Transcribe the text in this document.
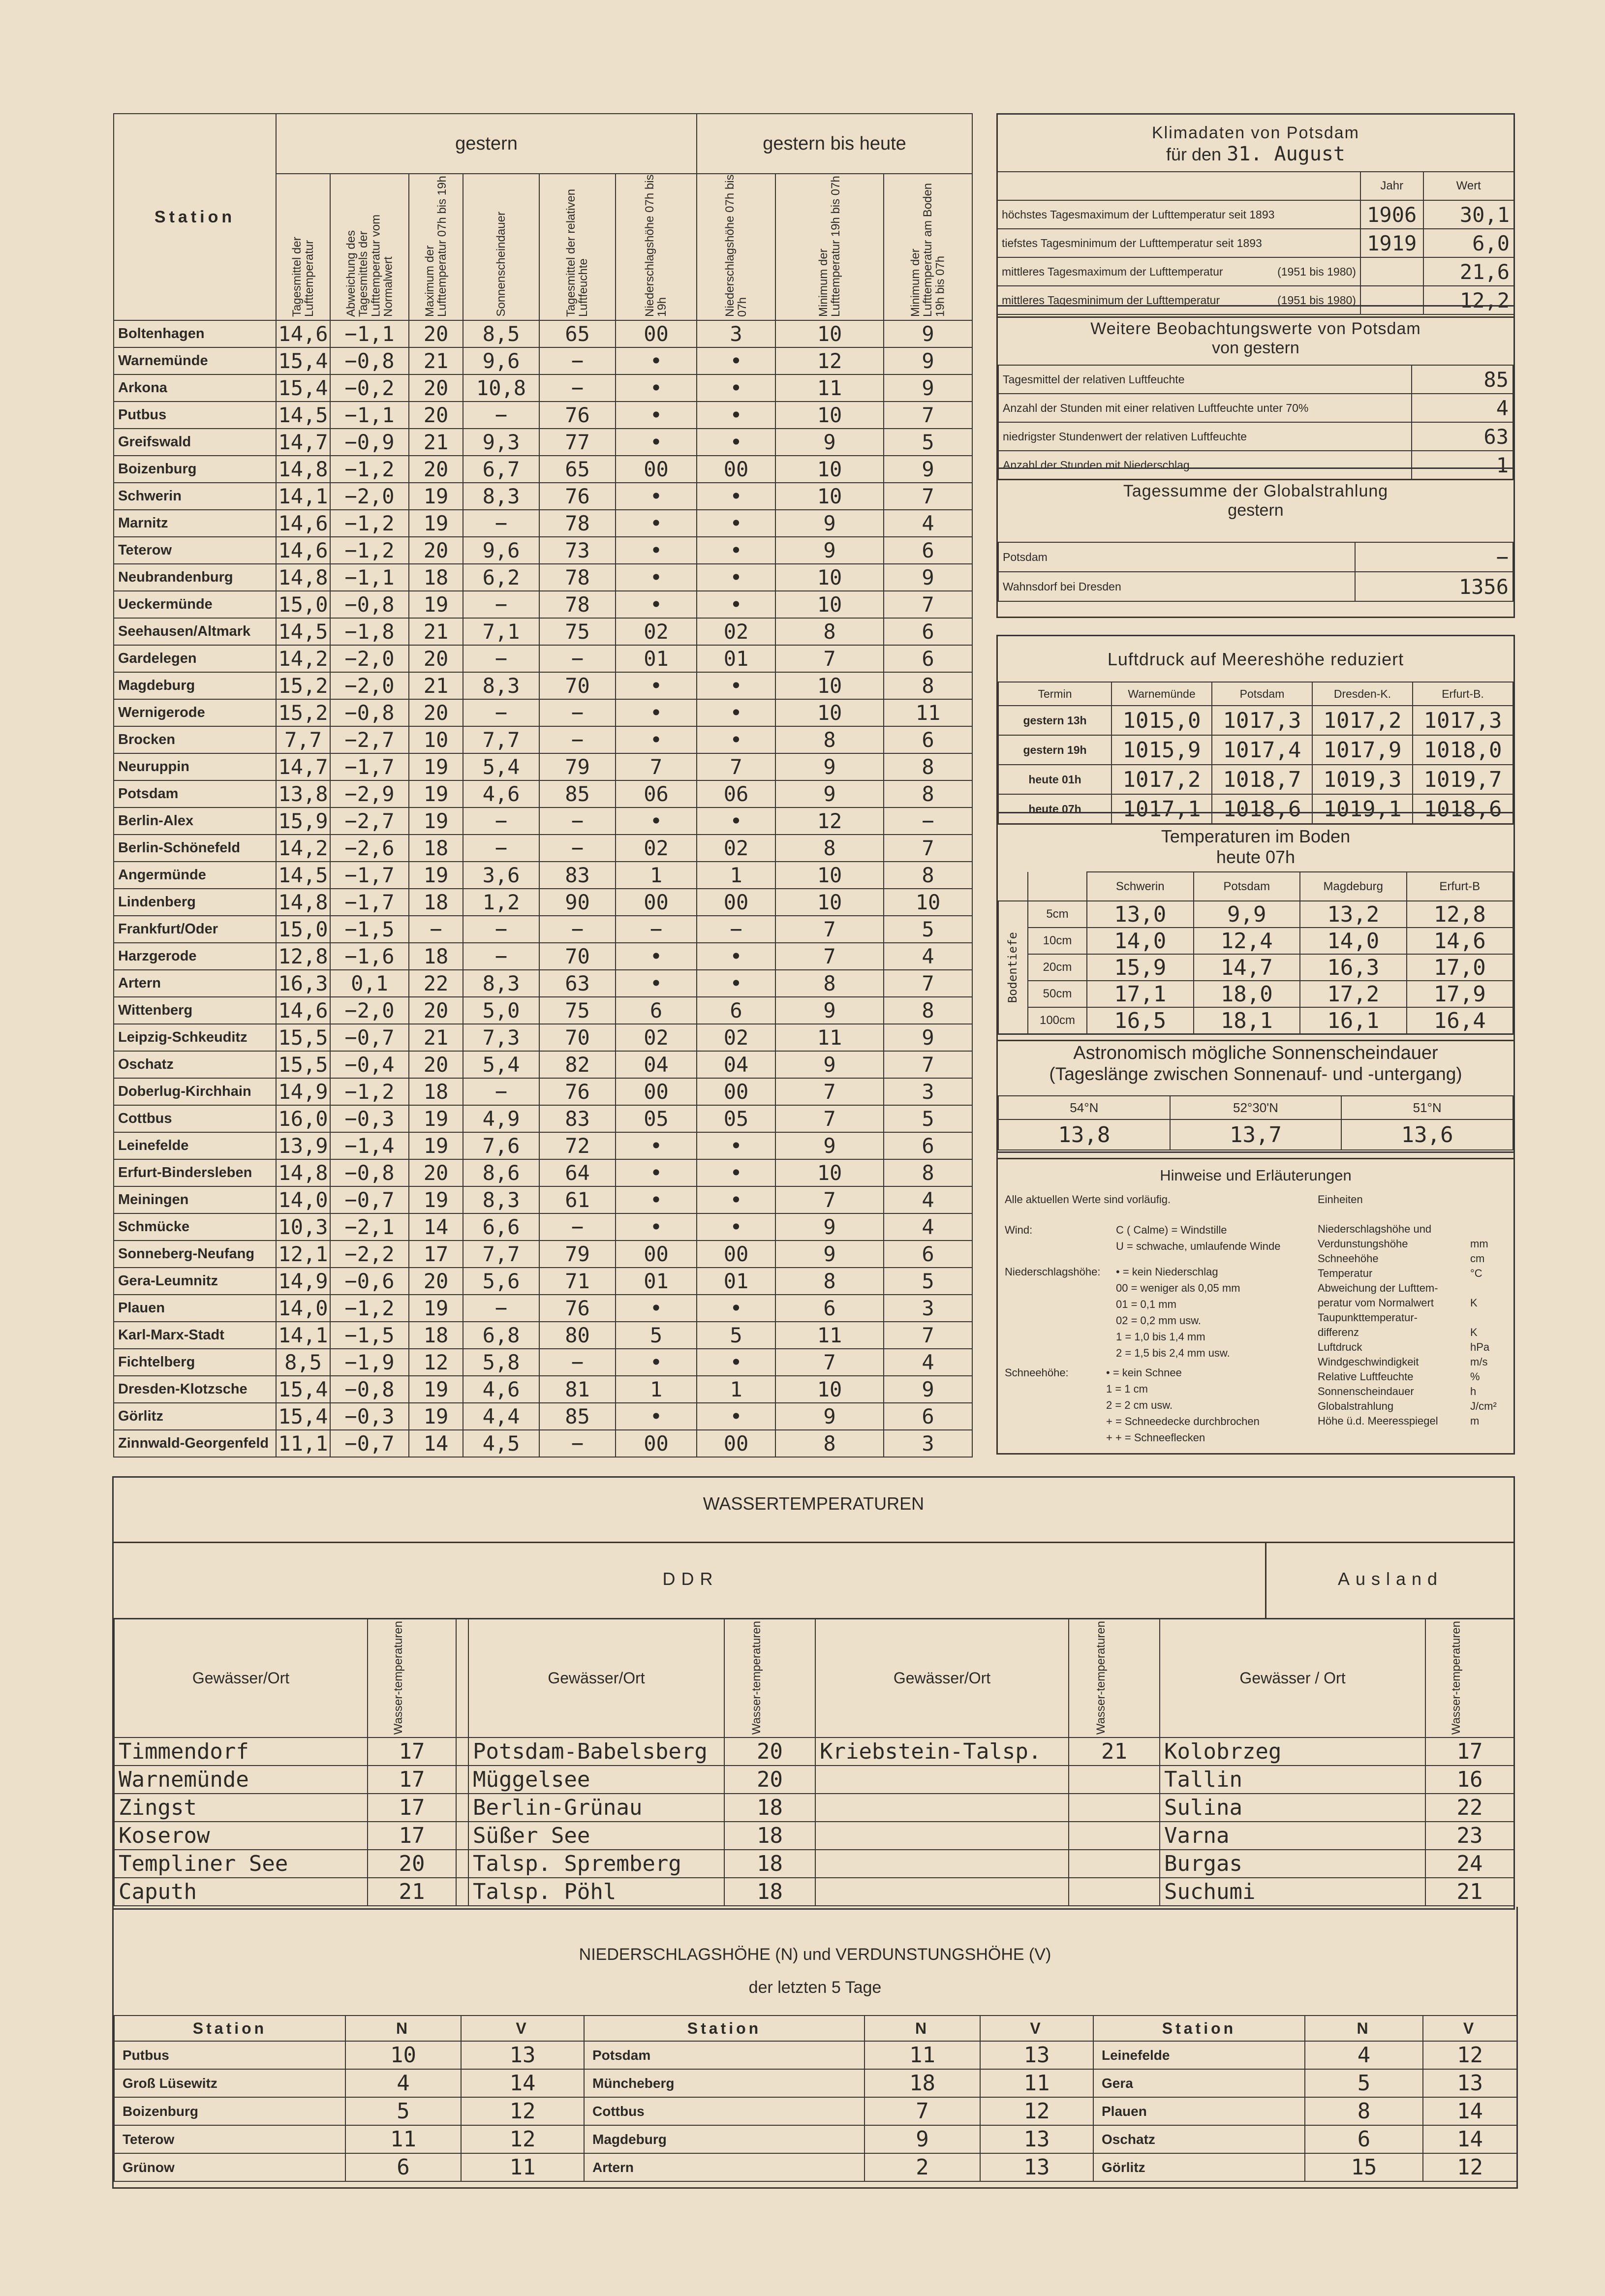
Station	gestern						gestern bis heute		

	Tagesmittel der Lufttemperatur	Abweichung des Tagesmittels der Lufttemperatur vom Normalwert	Maximum der Lufttemperatur 07h bis 19h	Sonnenscheindauer	Tagesmittel der relativen Luftfeuchte	Niederschlagshöhe 07h bis 19h	Niederschlagshöhe 07h bis 07h	Minimum der Lufttemperatur 19h bis 07h	Minimum der Lufttemperatur am Boden 19h bis 07h

Boltenhagen	14,6	−1,1	20	8,5	65	00	3	10	9
Warnemünde	15,4	−0,8	21	9,6	−	•	•	12	9
Arkona	15,4	−0,2	20	10,8	−	•	•	11	9
Putbus	14,5	−1,1	20	−	76	•	•	10	7
Greifswald	14,7	−0,9	21	9,3	77	•	•	9	5
Boizenburg	14,8	−1,2	20	6,7	65	00	00	10	9
Schwerin	14,1	−2,0	19	8,3	76	•	•	10	7
Marnitz	14,6	−1,2	19	−	78	•	•	9	4
Teterow	14,6	−1,2	20	9,6	73	•	•	9	6
Neubrandenburg	14,8	−1,1	18	6,2	78	•	•	10	9
Ueckermünde	15,0	−0,8	19	−	78	•	•	10	7
Seehausen/Altmark	14,5	−1,8	21	7,1	75	02	02	8	6
Gardelegen	14,2	−2,0	20	−	−	01	01	7	6
Magdeburg	15,2	−2,0	21	8,3	70	•	•	10	8
Wernigerode	15,2	−0,8	20	−	−	•	•	10	11
Brocken	7,7	−2,7	10	7,7	−	•	•	8	6
Neuruppin	14,7	−1,7	19	5,4	79	7	7	9	8
Potsdam	13,8	−2,9	19	4,6	85	06	06	9	8
Berlin-Alex	15,9	−2,7	19	−	−	•	•	12	−
Berlin-Schönefeld	14,2	−2,6	18	−	−	02	02	8	7
Angermünde	14,5	−1,7	19	3,6	83	1	1	10	8
Lindenberg	14,8	−1,7	18	1,2	90	00	00	10	10
Frankfurt/Oder	15,0	−1,5	−	−	−	−	−	7	5
Harzgerode	12,8	−1,6	18	−	70	•	•	7	4
Artern	16,3	0,1	22	8,3	63	•	•	8	7
Wittenberg	14,6	−2,0	20	5,0	75	6	6	9	8
Leipzig-Schkeuditz	15,5	−0,7	21	7,3	70	02	02	11	9
Oschatz	15,5	−0,4	20	5,4	82	04	04	9	7
Doberlug-Kirchhain	14,9	−1,2	18	−	76	00	00	7	3
Cottbus	16,0	−0,3	19	4,9	83	05	05	7	5
Leinefelde	13,9	−1,4	19	7,6	72	•	•	9	6
Erfurt-Bindersleben	14,8	−0,8	20	8,6	64	•	•	10	8
Meiningen	14,0	−0,7	19	8,3	61	•	•	7	4
Schmücke	10,3	−2,1	14	6,6	−	•	•	9	4
Sonneberg-Neufang	12,1	−2,2	17	7,7	79	00	00	9	6
Gera-Leumnitz	14,9	−0,6	20	5,6	71	01	01	8	5
Plauen	14,0	−1,2	19	−	76	•	•	6	3
Karl-Marx-Stadt	14,1	−1,5	18	6,8	80	5	5	11	7
Fichtelberg	8,5	−1,9	12	5,8	−	•	•	7	4
Dresden-Klotzsche	15,4	−0,8	19	4,6	81	1	1	10	9
Görlitz	15,4	−0,3	19	4,4	85	•	•	9	6
Zinnwald-Georgenfeld	11,1	−0,7	14	4,5	−	00	00	8	3
Klimadaten von Potsdam
für den 31. August
	Jahr	Wert
höchstes Tagesmaximum der Lufttemperatur seit 1893	1906	30,1
tiefstes Tagesminimum der Lufttemperatur seit 1893	1919	6,0
mittleres Tagesmaximum der Lufttemperatur (1951 bis 1980)		21,6
mittleres Tagesminimum der Lufttemperatur (1951 bis 1980)		12,2
Weitere Beobachtungswerte von Potsdam
von gestern
Tagesmittel der relativen Luftfeuchte	85
Anzahl der Stunden mit einer relativen Luftfeuchte unter 70%	4
niedrigster Stundenwert der relativen Luftfeuchte	63
Anzahl der Stunden mit Niederschlag	1
Tagessumme der Globalstrahlung
gestern
Potsdam	−
Wahnsdorf bei Dresden	1356
Luftdruck auf Meereshöhe reduziert
Termin	Warnemünde	Potsdam	Dresden-K.	Erfurt-B.
gestern 13h	1015,0	1017,3	1017,2	1017,3
gestern 19h	1015,9	1017,4	1017,9	1018,0
heute 01h	1017,2	1018,7	1019,3	1019,7
heute 07h	1017,1	1018,6	1019,1	1018,6
Temperaturen im Boden
heute 07h
		Schwerin	Potsdam	Magdeburg	Erfurt-B

Bodentiefe	5cm	13,0	9,9	13,2	12,8
	10cm	14,0	12,4	14,0	14,6
	20cm	15,9	14,7	16,3	17,0
	50cm	17,1	18,0	17,2	17,9
	100cm	16,5	18,1	16,1	16,4
Astronomisch mögliche Sonnenscheindauer
(Tageslänge zwischen Sonnenauf- und -untergang)
54°N	52°30'N	51°N
13,8	13,7	13,6
Hinweise und Erläuterungen
Alle aktuellen Werte sind vorläufig.	Einheiten
Wind:	C ( Calme) = Windstille
U = schwache, umlaufende Winde
Niederschlagshöhe: • = kein Niederschlag
00 = weniger als 0,05 mm
01 = 0,1 mm
02 = 0,2 mm usw.
1 = 1,0 bis 1,4 mm
2 = 1,5 bis 2,4 mm usw.
Schneehöhe:	• = kein Schnee
1 = 1 cm
2 = 2 cm usw.
+ = Schneedecke durchbrochen
+ + = Schneeflecken
Niederschlagshöhe und
Verdunstungshöhe	mm
Schneehöhe	cm
Temperatur	°C
Abweichung der Lufttem-
peratur vom Normalwert	K
Taupunkttemperatur-
differenz	K
Luftdruck	hPa
Windgeschwindigkeit	m/s
Relative Luftfeuchte	%
Sonnenscheindauer	h
Globalstrahlung	J/cm²
Höhe ü.d. Meeresspiegel	m
WASSERTEMPERATUREN
DDR	Ausland
Gewässer/Ort	Wasser-temperaturen		Gewässer/Ort	Wasser-temperaturen	Gewässer/Ort	Wasser-temperaturen	Gewässer / Ort	Wasser-temperaturen

Timmendorf	17		Potsdam-Babelsberg	20	Kriebstein-Talsp.	21	Kolobrzeg	17
Warnemünde	17		Müggelsee	20			Tallin	16
Zingst	17		Berlin-Grünau	18			Sulina	22
Koserow	17		Süßer See	18			Varna	23
Templiner See	20		Talsp. Spremberg	18			Burgas	24
Caputh	21		Talsp. Pöhl	18			Suchumi	21
NIEDERSCHLAGSHÖHE (N) und VERDUNSTUNGSHÖHE (V)
der letzten 5 Tage
Station	N	V	Station	N	V	Station	N	V
Putbus	10	13	Potsdam	11	13	Leinefelde	4	12
Groß Lüsewitz	4	14	Müncheberg	18	11	Gera	5	13
Boizenburg	5	12	Cottbus	7	12	Plauen	8	14
Teterow	11	12	Magdeburg	9	13	Oschatz	6	14
Grünow	6	11	Artern	2	13	Görlitz	15	12
